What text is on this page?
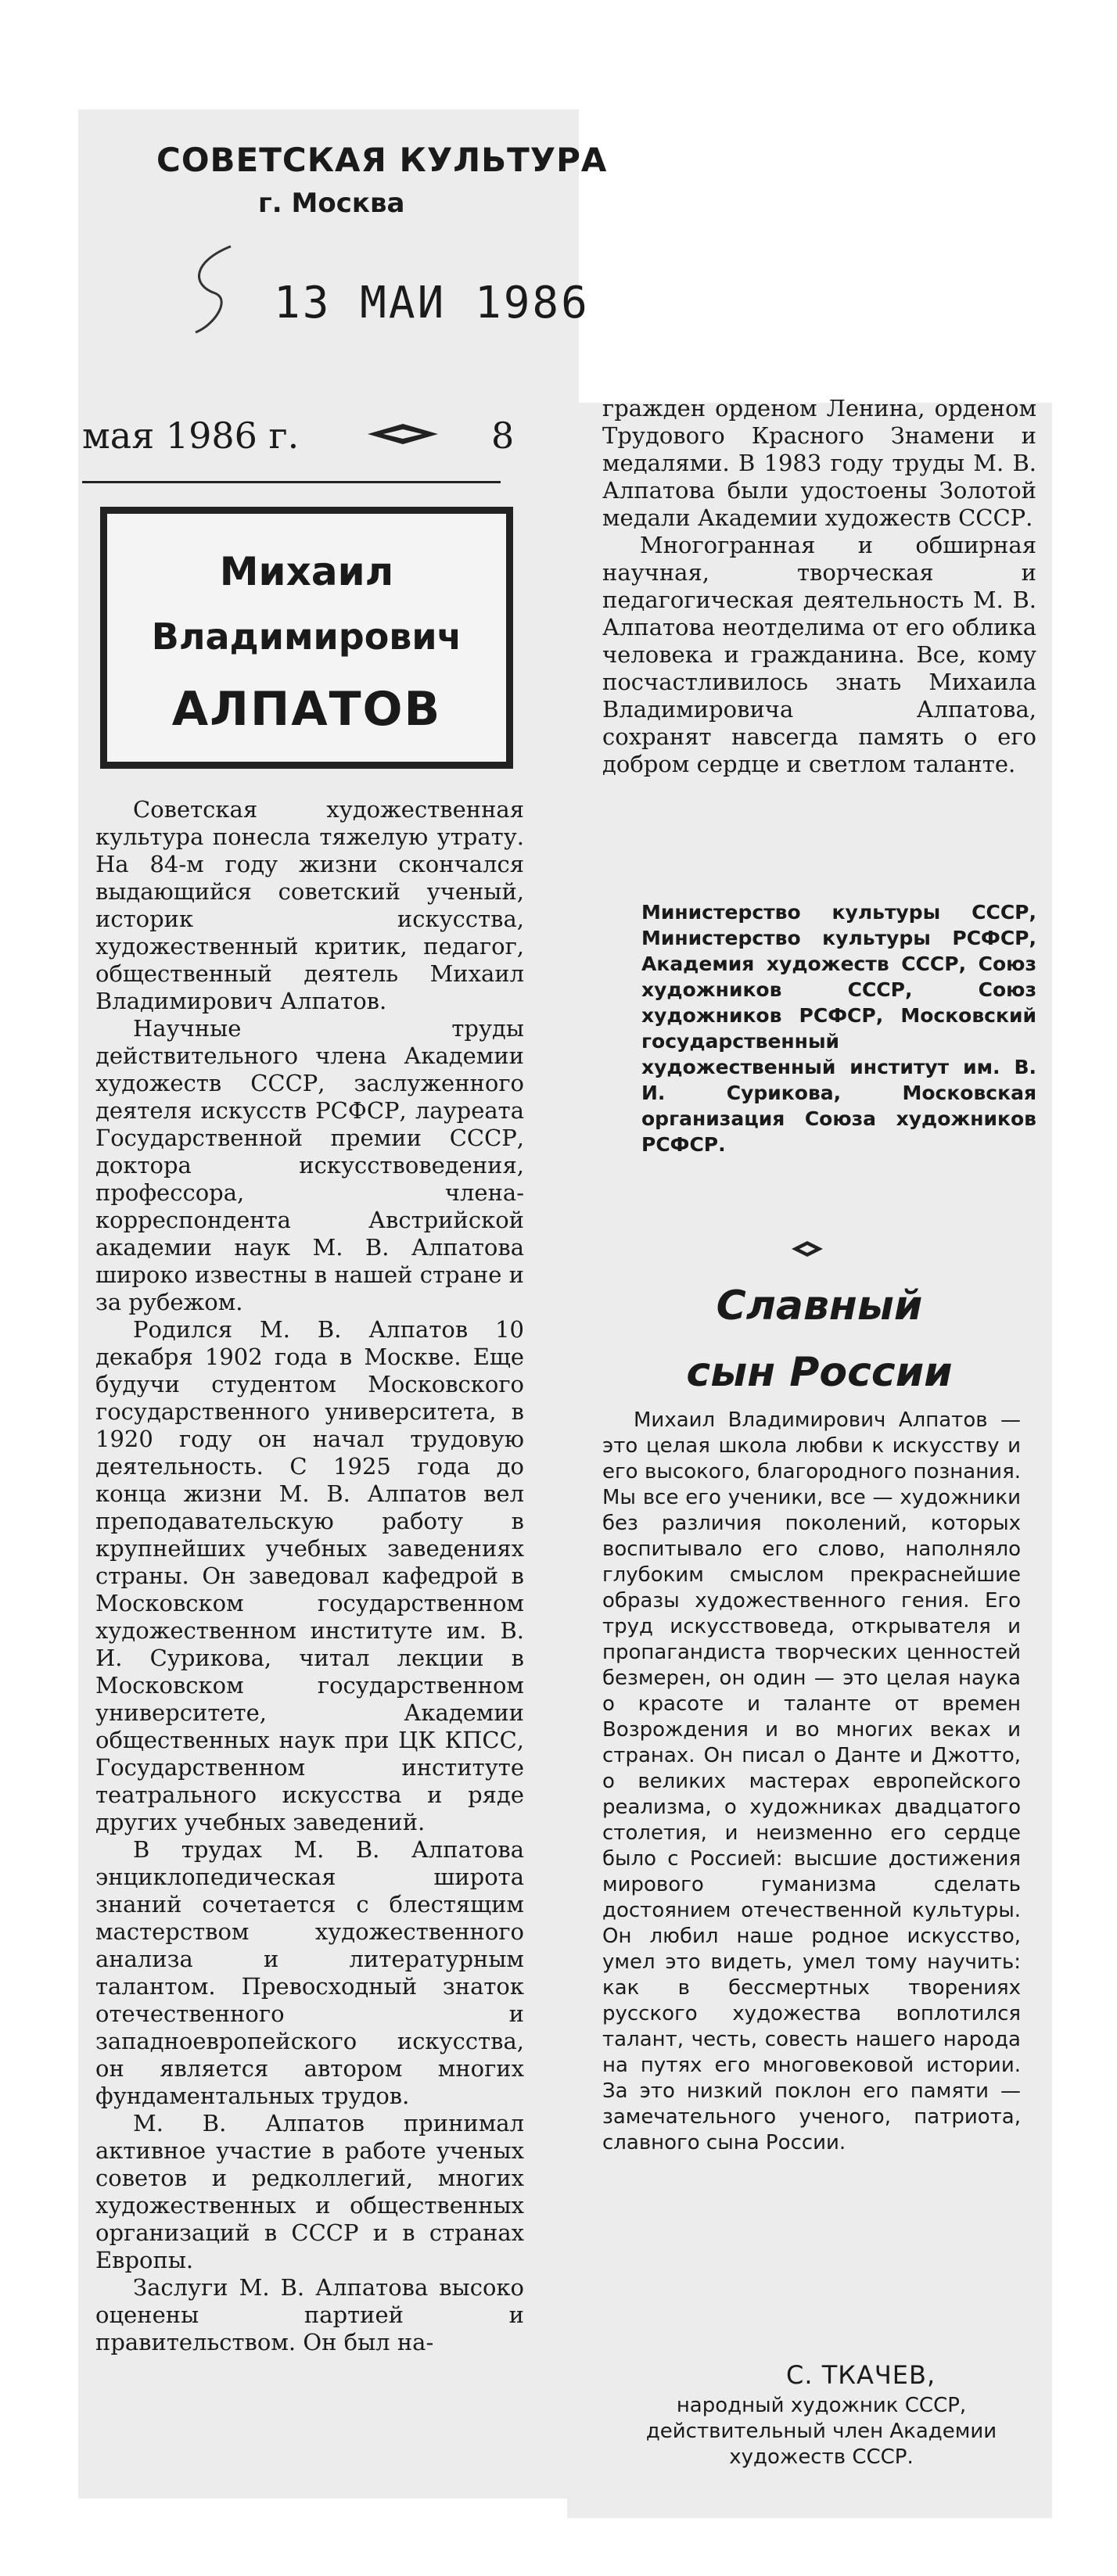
СОВЕТСКАЯ КУЛЬТУРА
г. Москва
13 МАИ 1986
мая 1986 г.	8
Михаил
Владимирович
АЛПАТОВ

Советская художественная культура понесла тяжелую утрату. На 84-м году жизни скончался выдающийся советский ученый, историк искусства, художественный критик, педагог, общественный деятель Михаил Владимирович Алпатов.

Научные труды действительного члена Академии художеств СССР, заслуженного деятеля искусств РСФСР, лауреата Государственной премии СССР, доктора искусствоведения, профессора, члена-корреспондента Австрийской академии наук М. В. Алпатова широко известны в нашей стране и за рубежом.

Родился М. В. Алпатов 10 декабря 1902 года в Москве. Еще будучи студентом Московского государственного университета, в 1920 году он начал трудовую деятельность. С 1925 года до конца жизни М. В. Алпатов вел преподавательскую работу в крупнейших учебных заведениях страны. Он заведовал кафедрой в Московском государственном художественном институте им. В. И. Сурикова, читал лекции в Московском государственном университете, Академии общественных наук при ЦК КПСС, Государственном институте театрального искусства и ряде других учебных заведений.

В трудах М. В. Алпатова энциклопедическая широта знаний сочетается с блестящим мастерством художественного анализа и литературным талантом. Превосходный знаток отечественного и западноевропейского искусства, он является автором многих фундаментальных трудов.

М. В. Алпатов принимал активное участие в работе ученых советов и редколлегий, многих художественных и общественных организаций в СССР и в странах Европы.

Заслуги М. В. Алпатова высоко оценены партией и правительством. Он был на-

гражден орденом Ленина, орденом Трудового Красного Знамени и медалями. В 1983 году труды М. В. Алпатова были удостоены Золотой медали Академии художеств СССР.

Многогранная и обширная научная, творческая и педагогическая деятельность М. В. Алпатова неотделима от его облика человека и гражданина. Все, кому посчастливилось знать Михаила Владимировича Алпатова, сохранят навсегда память о его добром сердце и светлом таланте.

Министерство культуры СССР, Министерство культуры РСФСР, Академия художеств СССР, Союз художников СССР, Союз художников РСФСР, Московский государственный художественный институт им. В. И. Сурикова, Московская организация Союза художников РСФСР.
Славный
сын России

Михаил Владимирович Алпатов — это целая школа любви к искусству и его высокого, благородного познания. Мы все его ученики, все — художники без различия поколений, которых воспитывало его слово, наполняло глубоким смыслом прекраснейшие образы художественного гения. Его труд искусствоведа, открывателя и пропагандиста творческих ценностей безмерен, он один — это целая наука о красоте и таланте от времен Возрождения и во многих веках и странах. Он писал о Данте и Джотто, о великих мастерах европейского реализма, о художниках двадцатого столетия, и неизменно его сердце было с Россией: высшие достижения мирового гуманизма сделать достоянием отечественной культуры. Он любил наше родное искусство, умел это видеть, умел тому научить: как в бессмертных творениях русского художества воплотился талант, честь, совесть нашего народа на путях его многовековой истории. За это низкий поклон его памяти — замечательного ученого, патриота, славного сына России.

С. ТКАЧЕВ,
народный художник СССР, действительный член Академии художеств СССР.
